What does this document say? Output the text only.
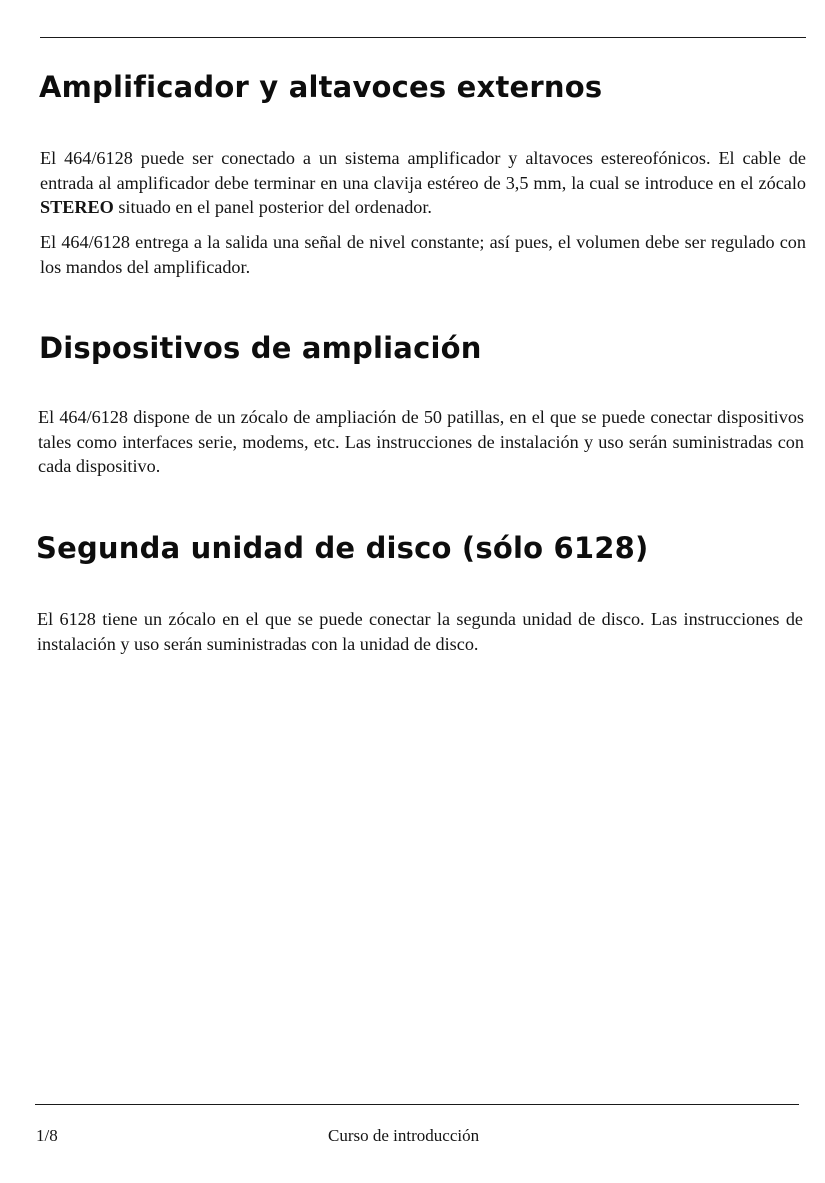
Amplificador y altavoces externos

El 464/6128 puede ser conectado a un sistema amplificador y altavoces estereofónicos. El cable de entrada al amplificador debe terminar en una clavija estéreo de 3,5 mm, la cual se introduce en el zócalo STEREO situado en el panel posterior del ordenador.

El 464/6128 entrega a la salida una señal de nivel constante; así pues, el volumen debe ser regulado con los mandos del amplificador.

Dispositivos de ampliación

El 464/6128 dispone de un zócalo de ampliación de 50 patillas, en el que se puede conectar dispositivos tales como interfaces serie, modems, etc. Las instrucciones de instalación y uso serán suministradas con cada dispositivo.

Segunda unidad de disco (sólo 6128)

El 6128 tiene un zócalo en el que se puede conectar la segunda unidad de disco. Las instrucciones de instalación y uso serán suministradas con la unidad de disco.

1/8	Curso de introducción
